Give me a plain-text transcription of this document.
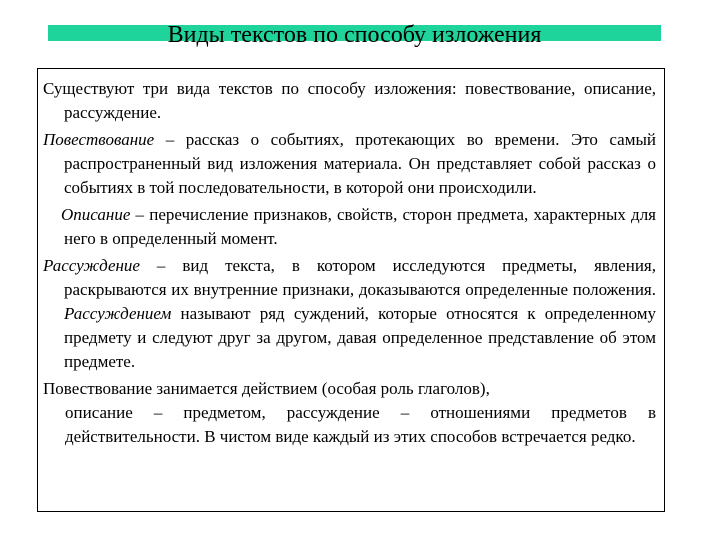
Виды текстов по способу изложения

Существуют три вида текстов по способу изложения: повествование, описание, рассуждение.

Повествование – рассказ о событиях, протекающих во времени. Это самый распространенный вид изложения материала. Он представляет собой рассказ о событиях в той последовательности, в которой они происходили.

Описание – перечисление признаков, свойств, сторон предмета, характерных для него в определенный момент.

Рассуждение – вид текста, в котором исследуются предметы, явления, раскрываются их внутренние признаки, доказываются определенные положения. Рассуждением называют ряд суждений, которые относятся к определенному предмету и следуют друг за другом, давая определенное представление об этом предмете.

Повествование занимается действием (особая роль глаголов),

описание – предметом, рассуждение – отношениями предметов в действительности. В чистом виде каждый из этих способов встречается редко.
